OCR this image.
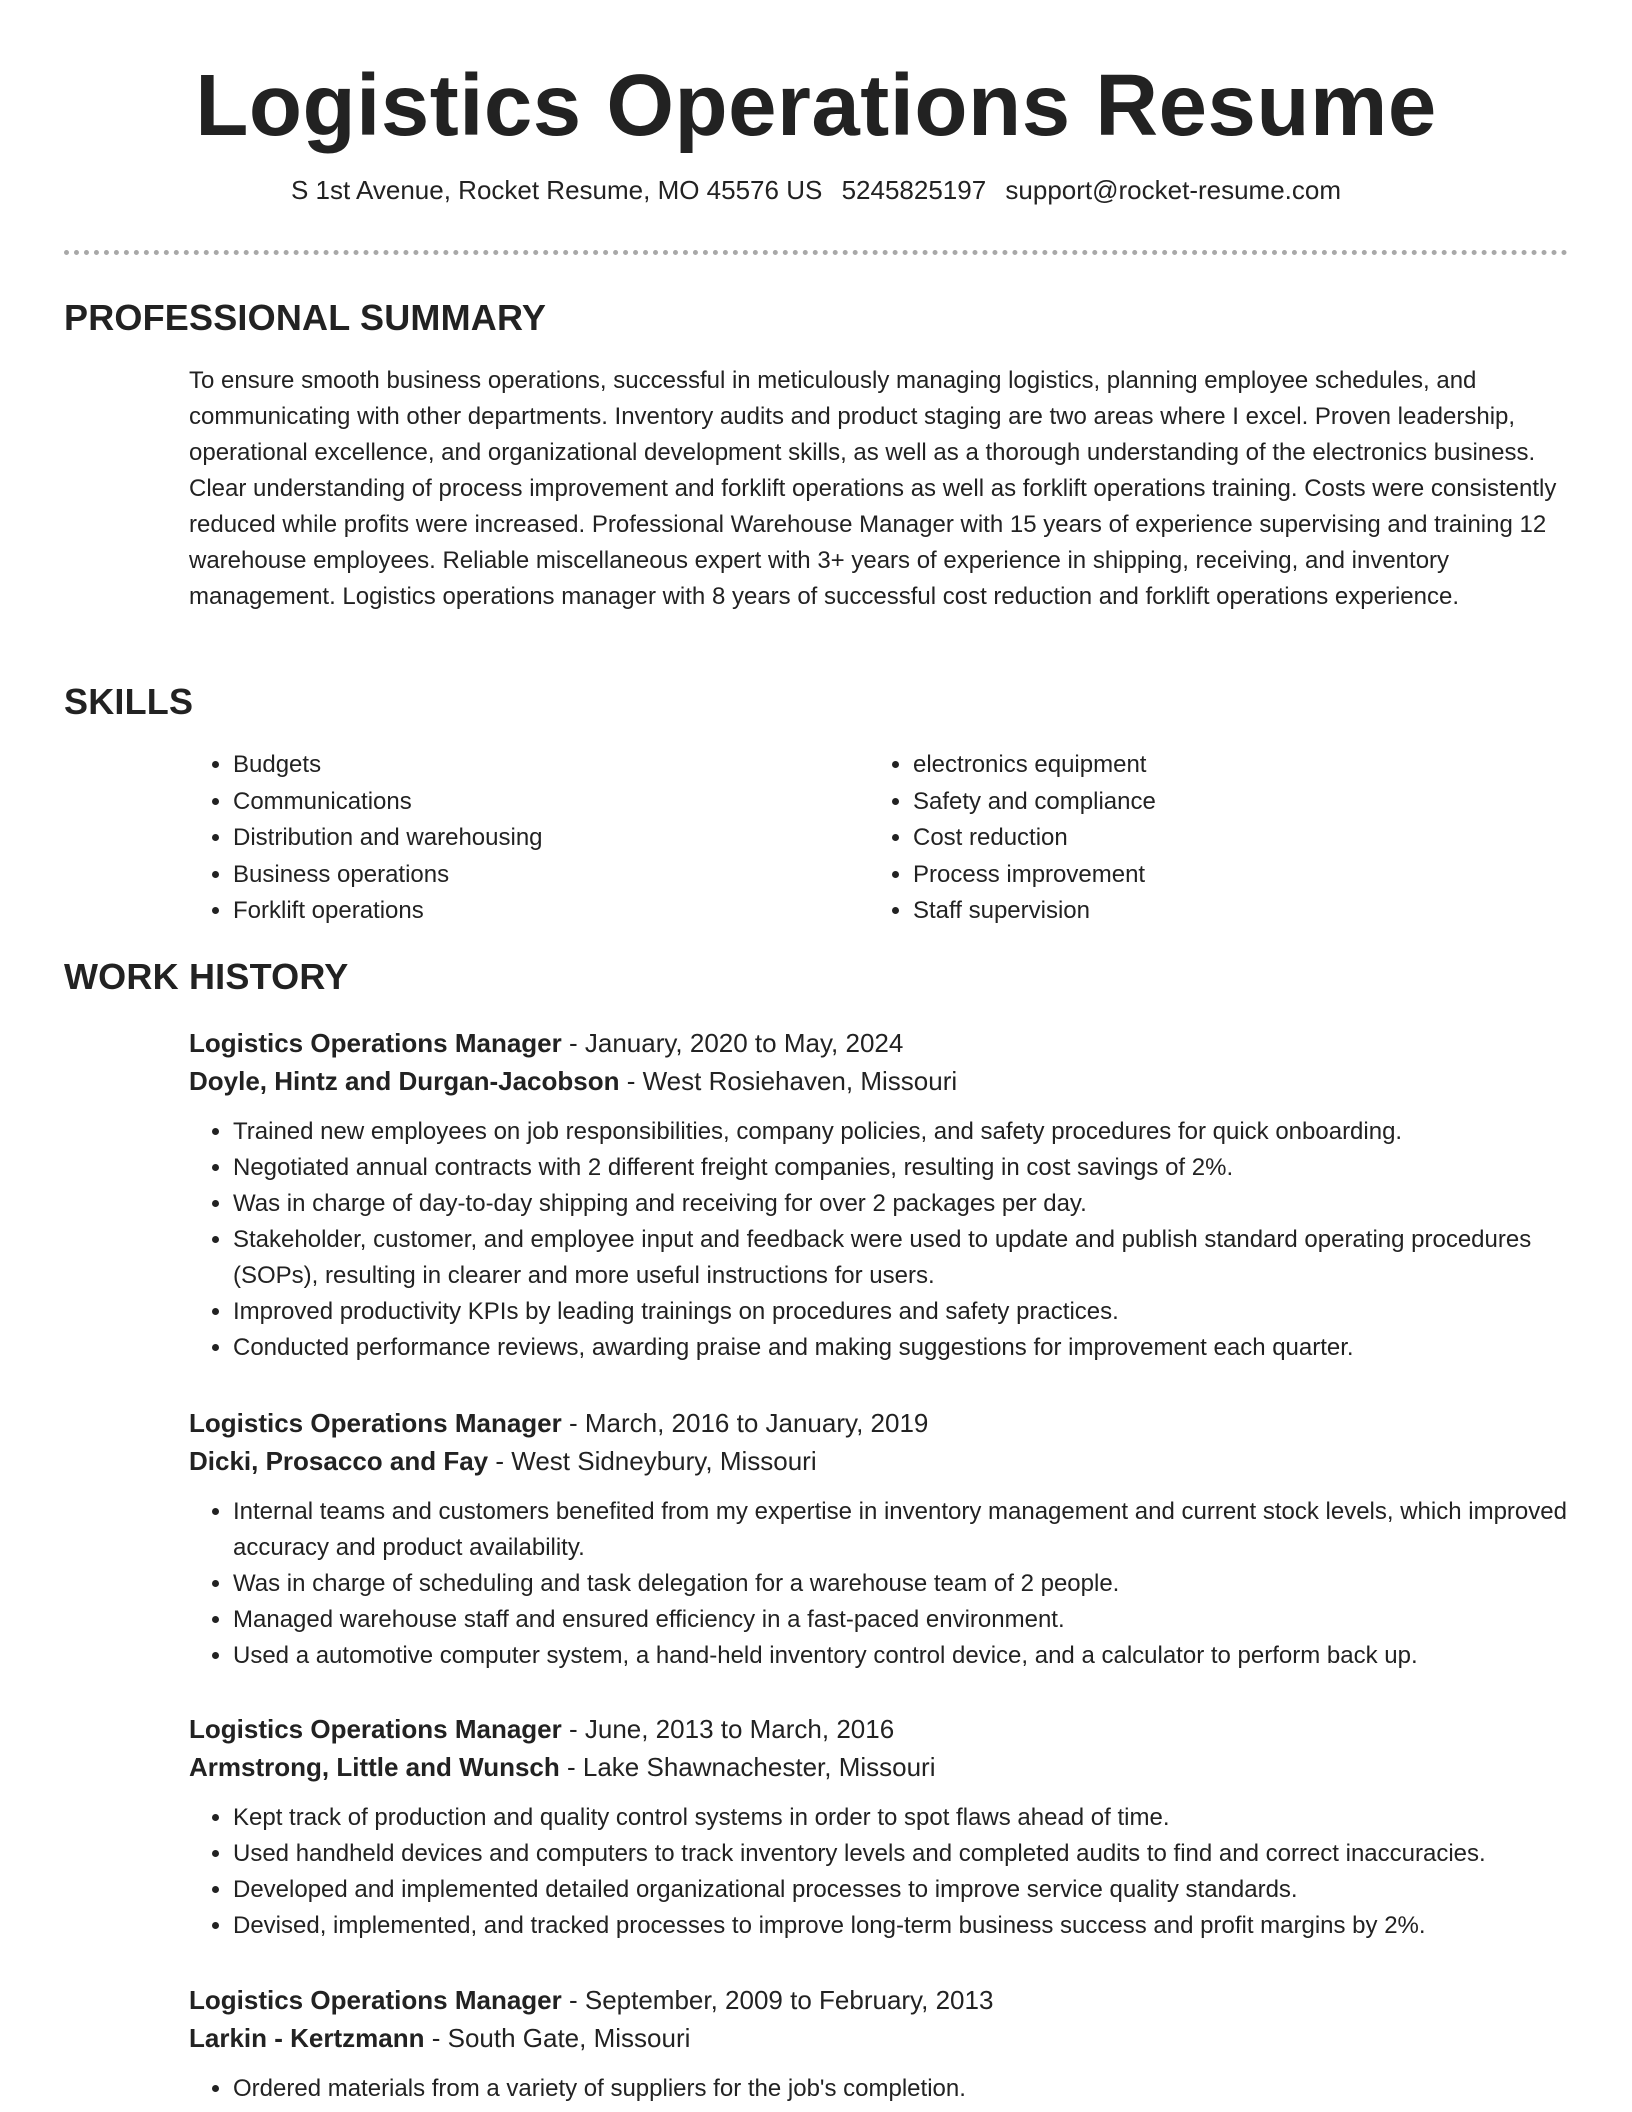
Logistics Operations Resume
S 1st Avenue, Rocket Resume, MO 45576 US 5245825197 support@rocket-resume.com
PROFESSIONAL SUMMARY

To ensure smooth business operations, successful in meticulously managing logistics, planning employee schedules, and communicating with other departments. Inventory audits and product staging are two areas where I excel. Proven leadership, operational excellence, and organizational development skills, as well as a thorough understanding of the electronics business. Clear understanding of process improvement and forklift operations as well as forklift operations training. Costs were consistently reduced while profits were increased. Professional Warehouse Manager with 15 years of experience supervising and training 12 warehouse employees. Reliable miscellaneous expert with 3+ years of experience in shipping, receiving, and inventory management. Logistics operations manager with 8 years of successful cost reduction and forklift operations experience.

SKILLS
• Budgets
• Communications
• Distribution and warehousing
• Business operations
• Forklift operations
• electronics equipment
• Safety and compliance
• Cost reduction
• Process improvement
• Staff supervision
WORK HISTORY

Logistics Operations Manager - January, 2020 to May, 2024

Doyle, Hintz and Durgan-Jacobson - West Rosiehaven, Missouri

• Trained new employees on job responsibilities, company policies, and safety procedures for quick onboarding.
• Negotiated annual contracts with 2 different freight companies, resulting in cost savings of 2%.
• Was in charge of day-to-day shipping and receiving for over 2 packages per day.
• Stakeholder, customer, and employee input and feedback were used to update and publish standard operating procedures (SOPs), resulting in clearer and more useful instructions for users.
• Improved productivity KPIs by leading trainings on procedures and safety practices.
• Conducted performance reviews, awarding praise and making suggestions for improvement each quarter.

Logistics Operations Manager - March, 2016 to January, 2019

Dicki, Prosacco and Fay - West Sidneybury, Missouri

• Internal teams and customers benefited from my expertise in inventory management and current stock levels, which improved accuracy and product availability.
• Was in charge of scheduling and task delegation for a warehouse team of 2 people.
• Managed warehouse staff and ensured efficiency in a fast-paced environment.
• Used a automotive computer system, a hand-held inventory control device, and a calculator to perform back up.

Logistics Operations Manager - June, 2013 to March, 2016

Armstrong, Little and Wunsch - Lake Shawnachester, Missouri

• Kept track of production and quality control systems in order to spot flaws ahead of time.
• Used handheld devices and computers to track inventory levels and completed audits to find and correct inaccuracies.
• Developed and implemented detailed organizational processes to improve service quality standards.
• Devised, implemented, and tracked processes to improve long-term business success and profit margins by 2%.

Logistics Operations Manager - September, 2009 to February, 2013

Larkin - Kertzmann - South Gate, Missouri

• Ordered materials from a variety of suppliers for the job's completion.
